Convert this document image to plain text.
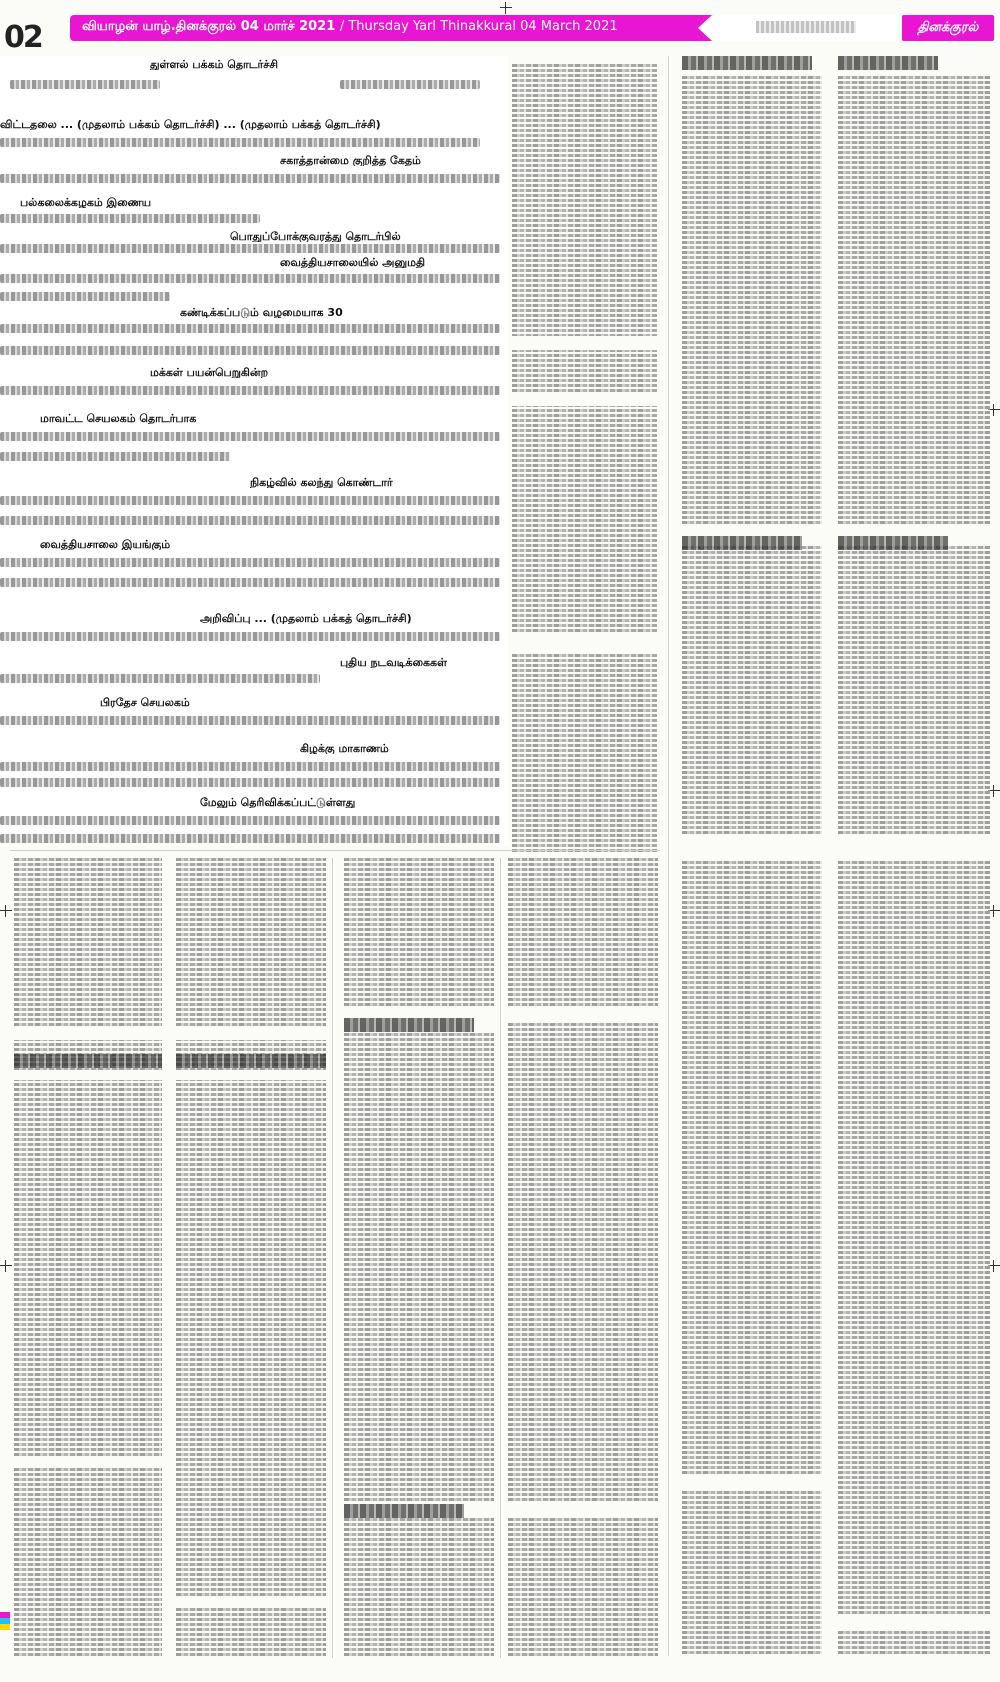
02	வியாழன் யாழ்.தினக்குரல் 04 மார்ச் 2021 / Thursday Yarl Thinakkural 04 March 2021	தினக்குரல்
துள்ளல் பக்கம் தொடர்ச்சி
விட்டதலை ... (முதலாம் பக்கம் தொடர்ச்சி) ... (முதலாம் பக்கத் தொடர்ச்சி)
சகாத்தான்மை குறித்த கேதம்
பல்கலைக்கழகம் இணைய
பொதுப்போக்குவரத்து தொடர்பில்
மக்கள் பயன்பெறுகின்ற
வைத்தியசாலையில் அனுமதி
கண்டிக்கப்படும் வழமையாக 30
மாவட்ட செயலகம் தொடர்பாக
அறிவிப்பு ... (முதலாம் பக்கத் தொடர்ச்சி)
வைத்தியசாலை இயங்கும்
நிகழ்வில் கலந்து கொண்டார்
புதிய நடவடிக்கைகள்
பிரதேச செயலகம்
கிழக்கு மாகாணம்
மேலும் தெரிவிக்கப்பட்டுள்ளது
